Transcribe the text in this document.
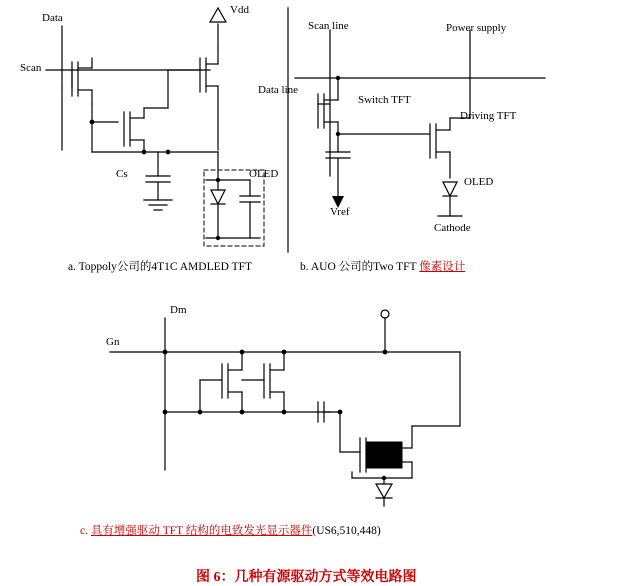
Data
Vdd
Scan
Cs	OLED
Scan line	Power supply
Data line
Switch TFT
Driving TFT
Vref
OLED
Cathode
Dm
Gn
a. Toppoly公司的4T1C AMDLED TFT	b. AUO 公司的Two TFT 像素设计
c. 具有增强驱动 TFT 结构的电致发光显示器件(US6,510,448)
图 6：几种有源驱动方式等效电路图
